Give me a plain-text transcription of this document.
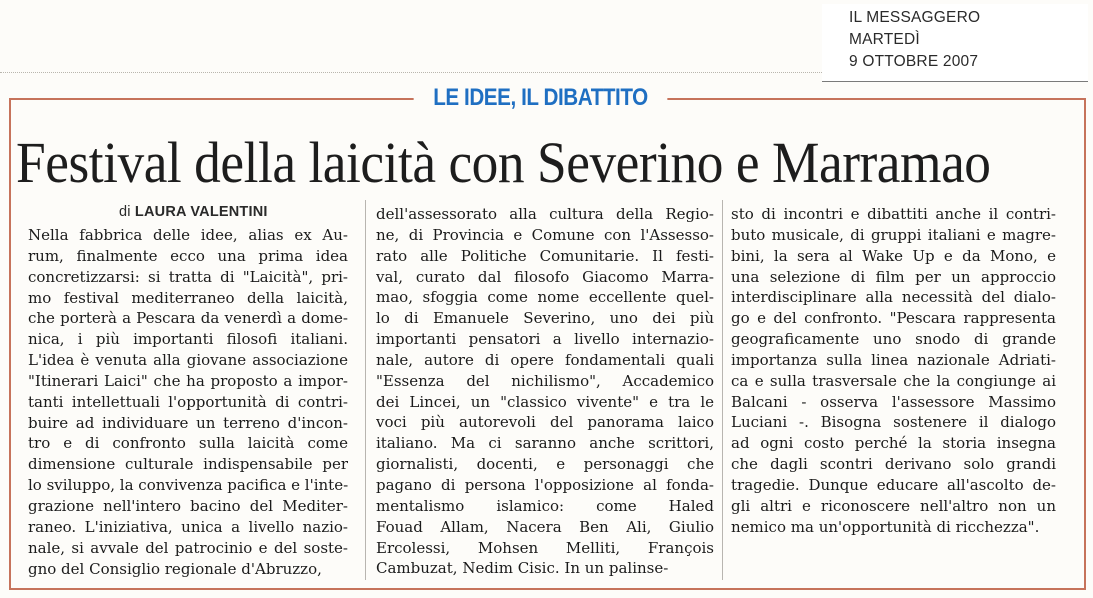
IL MESSAGGERO
MARTEDÌ
9 OTTOBRE 2007
LE IDEE, IL DIBATTITO
Festival della laicità con Severino e Marramao
di LAURA VALENTINI
Nella fabbrica delle idee, alias ex Au-
rum, finalmente ecco una prima idea
concretizzarsi: si tratta di "Laicità", pri-
mo festival mediterraneo della laicità,
che porterà a Pescara da venerdì a dome-
nica, i più importanti filosofi italiani.
L'idea è venuta alla giovane associazione
"Itinerari Laici" che ha proposto a impor-
tanti intellettuali l'opportunità di contri-
buire ad individuare un terreno d'incon-
tro e di confronto sulla laicità come
dimensione culturale indispensabile per
lo sviluppo, la convivenza pacifica e l'inte-
grazione nell'intero bacino del Mediter-
raneo. L'iniziativa, unica a livello nazio-
nale, si avvale del patrocinio e del soste-
gno del Consiglio regionale d'Abruzzo,
dell'assessorato alla cultura della Regio-
ne, di Provincia e Comune con l'Assesso-
rato alle Politiche Comunitarie. Il festi-
val, curato dal filosofo Giacomo Marra-
mao, sfoggia come nome eccellente quel-
lo di Emanuele Severino, uno dei più
importanti pensatori a livello internazio-
nale, autore di opere fondamentali quali
"Essenza del nichilismo", Accademico
dei Lincei, un "classico vivente" e tra le
voci più autorevoli del panorama laico
italiano. Ma ci saranno anche scrittori,
giornalisti, docenti, e personaggi che
pagano di persona l'opposizione al fonda-
mentalismo islamico: come Haled
Fouad Allam, Nacera Ben Ali, Giulio
Ercolessi, Mohsen Melliti, François
Cambuzat, Nedim Cisic. In un palinse-
sto di incontri e dibattiti anche il contri-
buto musicale, di gruppi italiani e magre-
bini, la sera al Wake Up e da Mono, e
una selezione di film per un approccio
interdisciplinare alla necessità del dialo-
go e del confronto. "Pescara rappresenta
geograficamente uno snodo di grande
importanza sulla linea nazionale Adriati-
ca e sulla trasversale che la congiunge ai
Balcani - osserva l'assessore Massimo
Luciani -. Bisogna sostenere il dialogo
ad ogni costo perché la storia insegna
che dagli scontri derivano solo grandi
tragedie. Dunque educare all'ascolto de-
gli altri e riconoscere nell'altro non un
nemico ma un'opportunità di ricchezza".
